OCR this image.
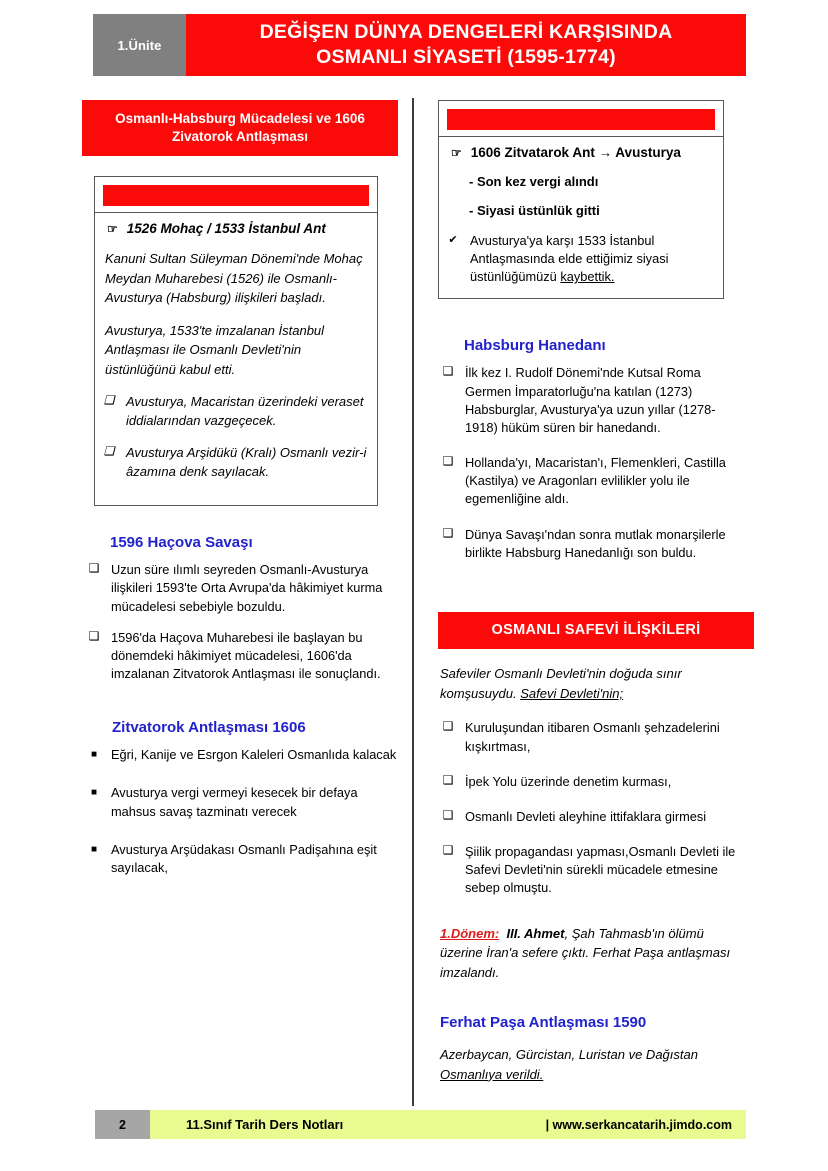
1.Ünite
DEĞİŞEN DÜNYA DENGELERİ KARŞISINDA
OSMANLI SİYASETİ (1595-1774)
Osmanlı-Habsburg Mücadelesi ve 1606
Zivatorok Antlaşması
☞ 1526 Mohaç / 1533 İstanbul Ant
Kanuni Sultan Süleyman Dönemi'nde Mohaç Meydan Muharebesi (1526) ile Osmanlı-Avusturya (Habsburg) ilişkileri başladı.
Avusturya, 1533'te imzalanan İstanbul Antlaşması ile Osmanlı Devleti'nin üstünlüğünü kabul etti.
❑
Avusturya, Macaristan üzerindeki veraset iddialarından vazgeçecek.
❑
Avusturya Arşidükü (Kralı) Osmanlı vezir-i âzamına denk sayılacak.
1596 Haçova Savaşı
❑
Uzun süre ılımlı seyreden Osmanlı-Avusturya ilişkileri 1593'te Orta Avrupa'da hâkimiyet kurma mücadelesi sebebiyle bozuldu.
❑
1596'da Haçova Muharebesi ile başlayan bu dönemdeki hâkimiyet mücadelesi, 1606'da imzalanan Zitvatorok Antlaşması ile sonuçlandı.
Zitvatorok Antlaşması 1606
■
Eğri, Kanije ve Esrgon Kaleleri Osmanlıda kalacak
■
Avusturya vergi vermeyi kesecek bir defaya mahsus savaş tazminatı verecek
■
Avusturya Arşüdakası Osmanlı Padişahına eşit sayılacak,
☞ 1606 Zitvatarok Ant → Avusturya
- Son kez vergi alındı
- Siyasi üstünlük gitti
✔
Avusturya'ya karşı 1533 İstanbul Antlaşmasında elde ettiğimiz siyasi üstünlüğümüzü kaybettik.
Habsburg Hanedanı
❑
İlk kez I. Rudolf Dönemi'nde Kutsal Roma Germen İmparatorluğu'na katılan (1273) Habsburglar, Avusturya'ya uzun yıllar (1278-1918) hüküm süren bir hanedandı.
❑
Hollanda'yı, Macaristan'ı, Flemenkleri, Castilla (Kastilya) ve Aragonları evlilikler yolu ile egemenliğine aldı.
❑
Dünya Savaşı'ndan sonra mutlak monarşilerle birlikte Habsburg Hanedanlığı son buldu.
OSMANLI SAFEVİ İLİŞKİLERİ
Safeviler Osmanlı Devleti'nin doğuda sınır komşusuydu. Safevi Devleti'nin;
❑
Kuruluşundan itibaren Osmanlı şehzadelerini kışkırtması,
❑
İpek Yolu üzerinde denetim kurması,
❑
Osmanlı Devleti aleyhine ittifaklara girmesi
❑
Şiilik propagandası yapması,Osmanlı Devleti ile Safevi Devleti'nin sürekli mücadele etmesine sebep olmuştu.
1.Dönem: III. Ahmet, Şah Tahmasb'ın ölümü üzerine İran'a sefere çıktı. Ferhat Paşa antlaşması imzalandı.
Ferhat Paşa Antlaşması 1590
Azerbaycan, Gürcistan, Luristan ve Dağıstan Osmanlıya verildi.
2	11.Sınıf Tarih Ders Notları	| www.serkancatarih.jimdo.com
